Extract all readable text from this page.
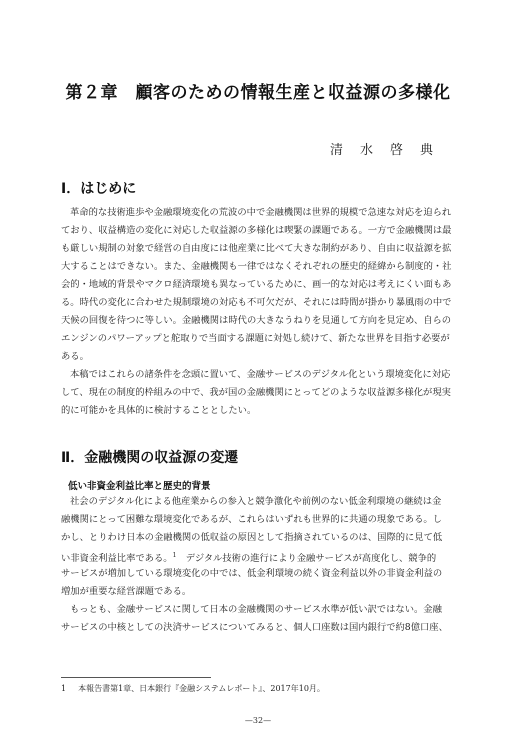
第２章　顧客のための情報生産と収益源の多様化
清水啓典
Ⅰ．はじめに
革命的な技術進歩や金融環境変化の荒波の中で金融機関は世界的規模で急速な対応を迫られ
ており、収益構造の変化に対応した収益源の多様化は喫緊の課題である。一方で金融機関は最
も厳しい規制の対象で経営の自由度には他産業に比べて大きな制約があり、自由に収益源を拡
大することはできない。また、金融機関も一律ではなくそれぞれの歴史的経緯から制度的・社
会的・地域的背景やマクロ経済環境も異なっているために、画一的な対応は考えにくい面もあ
る。時代の変化に合わせた規制環境の対応も不可欠だが、それには時間が掛かり暴風雨の中で
天候の回復を待つに等しい。金融機関は時代の大きなうねりを見通して方向を見定め、自らの
エンジンのパワーアップと舵取りで当面する課題に対処し続けて、新たな世界を目指す必要が
ある。
本稿ではこれらの諸条件を念頭に置いて、金融サービスのデジタル化という環境変化に対応
して、現在の制度的枠組みの中で、我が国の金融機関にとってどのような収益源多様化が現実
的に可能かを具体的に検討することとしたい。
Ⅱ．金融機関の収益源の変遷
低い非資金利益比率と歴史的背景
社会のデジタル化による他産業からの参入と競争激化や前例のない低金利環境の継続は金
融機関にとって困難な環境変化であるが、これらはいずれも世界的に共通の現象である。し
かし、とりわけ日本の金融機関の低収益の原因として指摘されているのは、国際的に見て低
い非資金利益比率である。$^1$　 デジタル技術の進行により金融サービスが高度化し、競争的
サービスが増加している環境変化の中では、低金利環境の続く資金利益以外の非資金利益の
増加が重要な経営課題である。
もっとも、金融サービスに関して日本の金融機関のサービス水準が低い訳ではない。金融
サービスの中核としての決済サービスについてみると、個人口座数は国内銀行で約8億口座、
1 本報告書第1章、日本銀行『金融システムレポート』、2017年10月。
—32—
